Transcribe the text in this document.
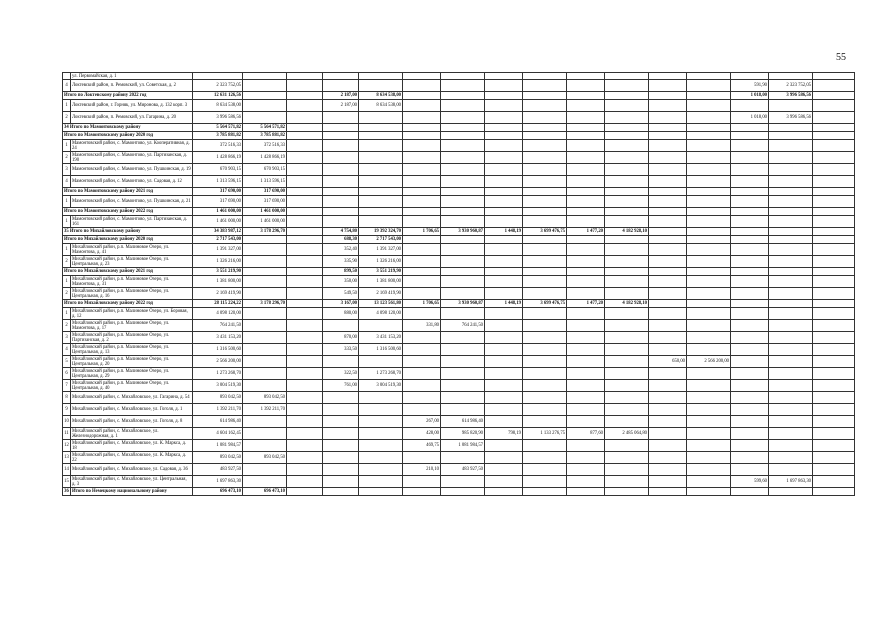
55
	ул. Первомайская, д. 1																	
4	Локтевский район, п. Ремовский, ул. Советская, д. 2	2 323 752,05													591,90	2 323 752,05		
Итого по Локтевскому району 2022 год		12 631 126,56			2 187,00	8 634 538,00									1 018,00	3 996 586,56		
1	Локтевский район, г. Горняк, ул. Миронова, д. 132 корп. 3	8 634 538,00			2 187,00	8 634 538,00												
2	Локтевский район, п. Ремовский, ул. Гагарина, д. 20	3 996 586,56													1 018,00	3 996 586,56		
34 Итого по Мамонтовскому району		5 564 571,82	5 564 571,82															
Итого по Мамонтовскому району 2020 год		3 785 881,82	3 785 881,82															
1	Мамонтовский район, с. Мамонтово, ул. Кооперативная, д. 24	372 516,33	372 516,33															
2	Мамонтовский район, с. Мамонтово, ул. Партизанская, д. 190	1 428 866,19	1 428 866,19															
3	Мамонтовский район, с. Мамонтово, ул. Пушкинская, д. 19	670 903,15	670 903,15															
4	Мамонтовский район, с. Мамонтово, ул. Садовая, д. 12	1 313 596,15	1 313 596,15															
Итого по Мамонтовскому району 2021 год		317 690,00	317 690,00															
1	Мамонтовский район, с. Мамонтово, ул. Пушкинская, д. 21	317 690,00	317 690,00															
Итого по Мамонтовскому району 2022 год		1 461 000,00	1 461 000,00															
1	Мамонтовский район, с. Мамонтово, ул. Партизанская, д. 161	1 461 000,00	1 461 000,00															
35 Итого по Михайловскому району		34 383 987,12	3 178 296,70		4 754,80	19 392 324,70	1 706,65	3 930 960,87	1 448,19	3 699 476,75	1 477,20	4 182 928,10						
Итого по Михайловскому району 2020 год		2 717 543,00			688,30	2 717 543,00												
1	Михайловский район, р.п. Малиновое Озеро, ул. Мамонтова, д. 41	1 391 327,00			352,40	1 391 327,00												
2	Михайловский район, р.п. Малиновое Озеро, ул. Центральная, д. 23	1 326 216,00			335,90	1 326 216,00												
Итого по Михайловскому району 2021 год		3 551 219,90			899,50	3 551 219,90												
1	Михайловский район, р.п. Малиновое Озеро, ул. Мамонтова, д. 31	1 381 800,00			350,00	1 381 800,00												
2	Михайловский район, р.п. Малиновое Озеро, ул. Центральная, д. 16	2 169 419,90			549,50	2 169 419,90												
Итого по Михайловскому району 2022 год		28 115 224,22	3 178 296,70		3 167,00	13 123 561,80	1 706,65	3 930 960,87	1 448,19	3 699 476,75	1 477,20	4 182 928,10						
1	Михайловский район, р.п. Малиновое Озеро, ул. Боровая, д. 12	4 098 120,00			880,00	4 098 120,00												
2	Михайловский район, р.п. Малиновое Озеро, ул. Мамонтова, д. 17	764 241,50					331,80	764 241,50										
3	Михайловский район, р.п. Малиновое Озеро, ул. Партизанская, д. 2	3 431 153,20			870,00	3 431 153,20												
4	Михайловский район, р.п. Малиновое Озеро, ул. Центральная, д. 13	1 316 500,60			333,50	1 316 500,60												
5	Михайловский район, р.п. Малиновое Озеро, ул. Центральная, д. 20	2 566 200,00											650,00	2 566 200,00				
6	Михайловский район, р.п. Малиновое Озеро, ул. Центральная, д. 29	1 273 268,70			322,50	1 273 268,70												
7	Михайловский район, р.п. Малиновое Озеро, ул. Центральная, д. 40	3 004 519,30			761,00	3 004 519,30												
8	Михайловский район, с. Михайловское, ул. Гагарина, д. 54	893 042,50	893 042,50															
9	Михайловский район, с. Михайловское, ул. Гоголя, д. 1	1 392 211,70	1 392 211,70															
10	Михайловский район, с. Михайловское, ул. Гоголя, д. 8	614 986,40					267,00	614 986,40										
11	Михайловский район, с. Михайловское, ул. Железнодорожная, д. 1	4 604 162,45					428,00	985 820,90	798,19	1 133 276,75	877,60	2 485 064,80						
12	Михайловский район, с. Михайловское, ул. К. Маркса, д. 18	1 081 984,57					469,75	1 081 984,57										
13	Михайловский район, с. Михайловское, ул. К. Маркса, д. 22	893 042,50	893 042,50															
14	Михайловский район, с. Михайловское, ул. Садовая, д. 36	483 927,50					210,10	483 927,50										
15	Михайловский район, с. Михайловское, ул. Центральная, д. 3	1 697 863,30													599,60	1 697 863,30		
36	Итого по Немецкому национальному району	696 473,10	696 473,10															
